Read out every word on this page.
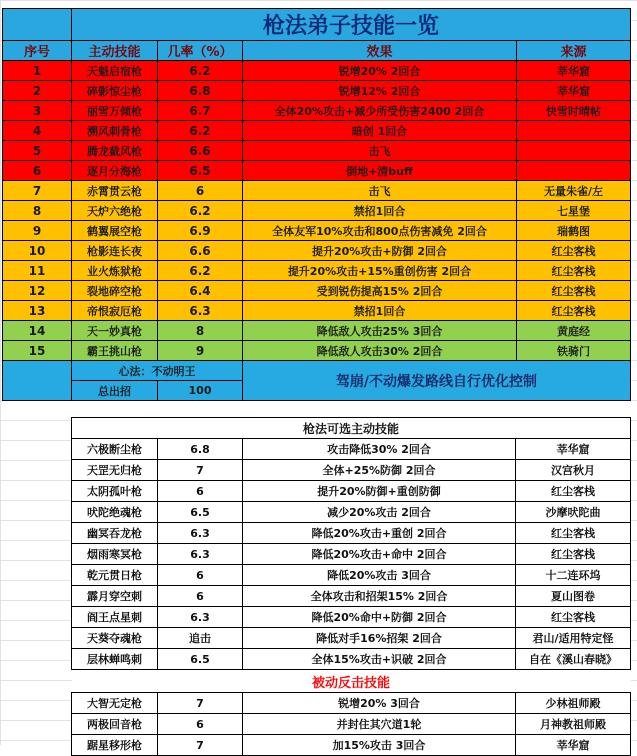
	枪法弟子技能一览			
序号	主动技能	几率（%）	效果	来源
1	天魁启宿枪	6.2	锐增20% 2回合	莘华窟
2	碎影惊尘枪	6.8	锐增12% 2回合	莘华窟
3	丽雪万倾枪	6.7	全体20%攻击+减少所受伤害2400 2回合	快雪时晴帖
4	溯风刺骨枪	6.2	暗创 1回合	
5	腾龙截风枪	6.6	击飞	
6	逐月分海枪	6.5	倒地+清buff	
7	赤霄贯云枪	6	击飞	无量朱雀/左
8	天炉六绝枪	6.2	禁招1回合	七星堡
9	鹤翼展空枪	6.9	全体友军10%攻击和800点伤害减免 2回合	瑞鹤图
10	枪影连长夜	6.6	提升20%攻击+防御 2回合	红尘客栈
11	业火炼狱枪	6.2	提升20%攻击+15%重创伤害 2回合	红尘客栈
12	裂地碎空枪	6.4	受到锐伤提高15% 2回合	红尘客栈
13	帝恨寂厄枪	6.3	禁招1回合	红尘客栈
14	天一妙真枪	8	降低敌人攻击25% 3回合	黄庭经
15	霸王挑山枪	9	降低敌人攻击30% 2回合	铁骑门
	心法：不动明王		驾崩/不动爆发路线自行优化控制	
	总出招	100		
枪法可选主动技能			
六极断尘枪	6.8	攻击降低30% 2回合	莘华窟
天罡无归枪	7	全体+25%防御 2回合	汉宫秋月
太阴孤叶枪	6	提升20%防御+重创防御	红尘客栈
吠陀绝魂枪	6.5	减少20%攻击 2回合	沙摩吠陀曲
幽冥吞龙枪	6.3	降低20%攻击+重创 2回合	红尘客栈
烟雨寒冥枪	6.3	降低20%攻击+命中 2回合	红尘客栈
乾元贯日枪	6	降低20%攻击 3回合	十二连环坞
霹月穿空刺	6	全体攻击和招架15% 2回合	夏山图卷
阎王点星刺	6.3	降低20%命中+防御 2回合	红尘客栈
天葵夺魂枪	追击	降低对手16%招架 2回合	君山/适用特定怪
层林蝉鸣刺	6.5	全体15%攻击+识破 2回合	自在《溪山春晓》
被动反击技能			
大智无定枪	7	锐增20% 3回合	少林祖师殿
两极回音枪	6	并封住其穴道1轮	月神教祖师殿
踞星移形枪	7	加15%攻击 3回合	莘华窟
